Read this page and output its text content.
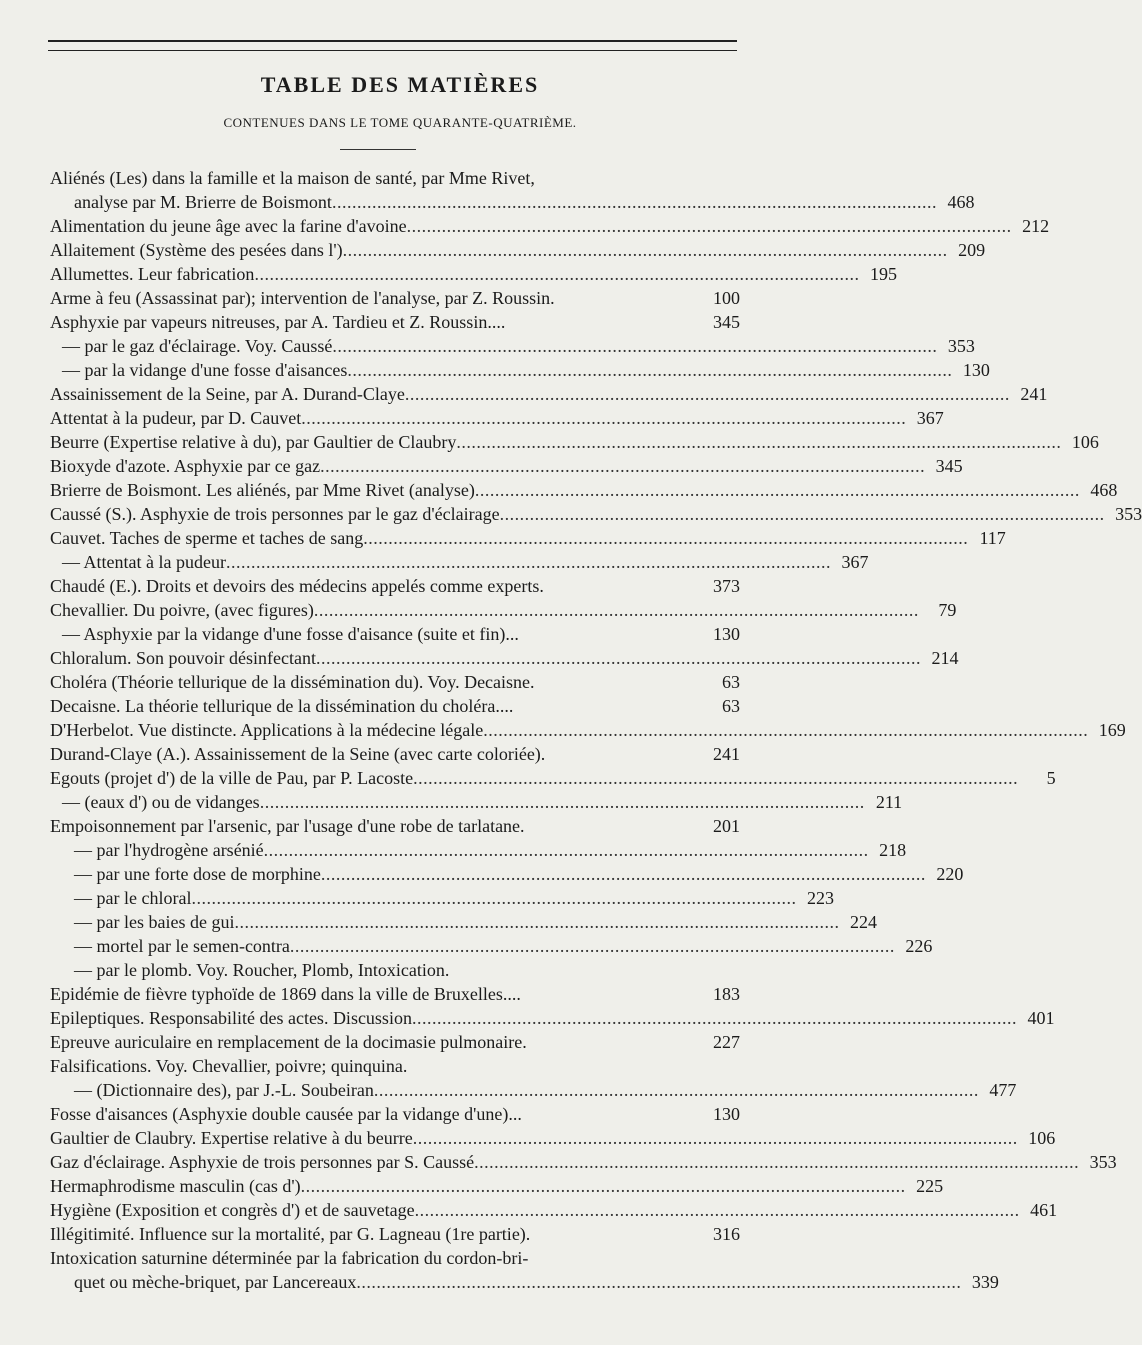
TABLE DES MATIÈRES
CONTENUES DANS LE TOME QUARANTE-QUATRIÈME.
Aliénés (Les) dans la famille et la maison de santé, par Mme Rivet,
analyse par M. Brierre de Boismont . . .	468
Alimentation du jeune âge avec la farine d'avoine . . .	212
Allaitement (Système des pesées dans l') . . .	209
Allumettes. Leur fabrication . . .	195
Arme à feu (Assassinat par); intervention de l'analyse, par Z. Roussin.	100
Asphyxie par vapeurs nitreuses, par A. Tardieu et Z. Roussin....	345
— par le gaz d'éclairage. Voy. Caussé . . .	353
— par la vidange d'une fosse d'aisances . . .	130
Assainissement de la Seine, par A. Durand-Claye . . .	241
Attentat à la pudeur, par D. Cauvet . . .	367
Beurre (Expertise relative à du), par Gaultier de Claubry . . .	106
Bioxyde d'azote. Asphyxie par ce gaz . . .	345
Brierre de Boismont. Les aliénés, par Mme Rivet (analyse) . . .	468
Caussé (S.). Asphyxie de trois personnes par le gaz d'éclairage . . .	353
Cauvet. Taches de sperme et taches de sang . . .	117
— Attentat à la pudeur . . .	367
Chaudé (E.). Droits et devoirs des médecins appelés comme experts.	373
Chevallier. Du poivre, (avec figures) . . .	79
— Asphyxie par la vidange d'une fosse d'aisance (suite et fin)...	130
Chloralum. Son pouvoir désinfectant . . .	214
Choléra (Théorie tellurique de la dissémination du). Voy. Decaisne.	63
Decaisne. La théorie tellurique de la dissémination du choléra....	63
D'Herbelot. Vue distincte. Applications à la médecine légale . . .	169
Durand-Claye (A.). Assainissement de la Seine (avec carte coloriée).	241
Egouts (projet d') de la ville de Pau, par P. Lacoste . . .	5
— (eaux d') ou de vidanges . . .	211
Empoisonnement par l'arsenic, par l'usage d'une robe de tarlatane.	201
— par l'hydrogène arsénié . . .	218
— par une forte dose de morphine . . .	220
— par le chloral . . .	223
— par les baies de gui . . .	224
— mortel par le semen-contra . . .	226
— par le plomb. Voy. Roucher, Plomb, Intoxication.
Epidémie de fièvre typhoïde de 1869 dans la ville de Bruxelles....	183
Epileptiques. Responsabilité des actes. Discussion . . .	401
Epreuve auriculaire en remplacement de la docimasie pulmonaire.	227
Falsifications. Voy. Chevallier, poivre; quinquina.
— (Dictionnaire des), par J.-L. Soubeiran . . .	477
Fosse d'aisances (Asphyxie double causée par la vidange d'une)...	130
Gaultier de Claubry. Expertise relative à du beurre . . .	106
Gaz d'éclairage. Asphyxie de trois personnes par S. Caussé . . .	353
Hermaphrodisme masculin (cas d') . . .	225
Hygiène (Exposition et congrès d') et de sauvetage . . .	461
Illégitimité. Influence sur la mortalité, par G. Lagneau (1re partie).	316
Intoxication saturnine déterminée par la fabrication du cordon-bri-
quet ou mèche-briquet, par Lancereaux . . .	339
